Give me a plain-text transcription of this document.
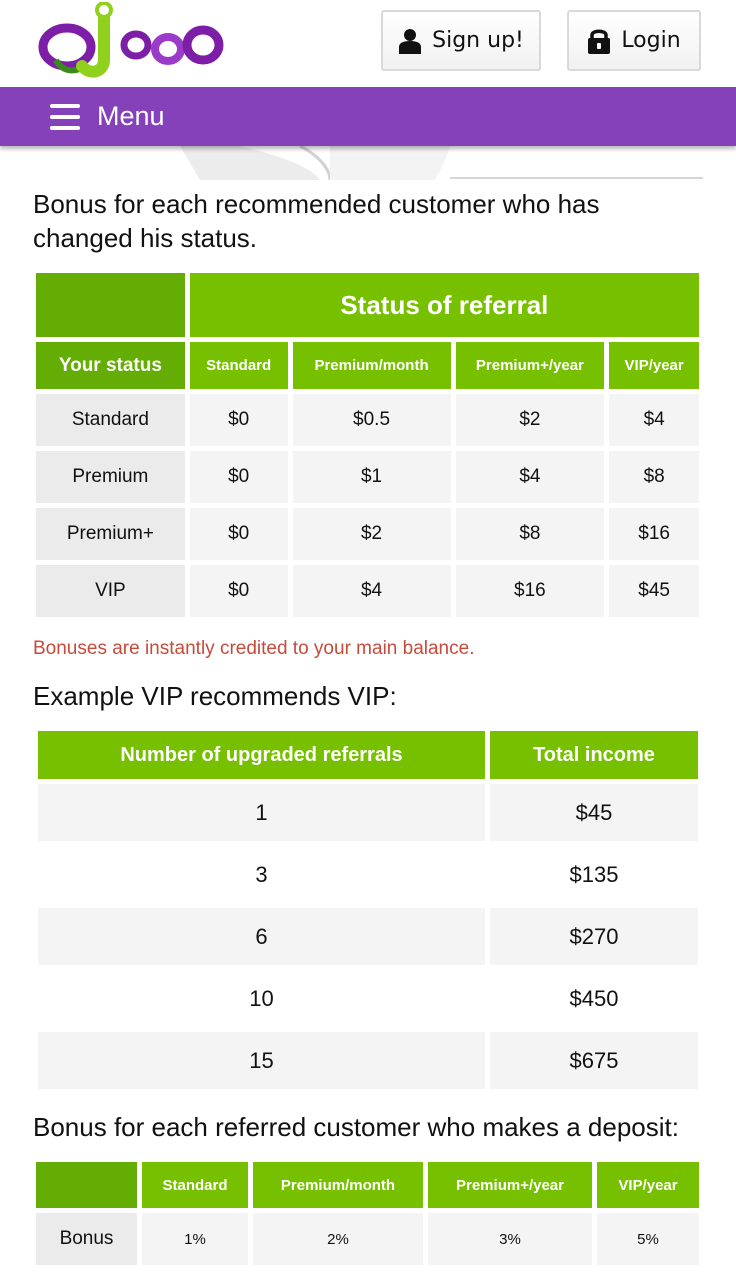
Sign up!	Login
Menu
Bonus for each recommended customer who has changed his status.
	Status of referral			
Your status	Standard	Premium/month	Premium+/year	VIP/year
Standard	$0	$0.5	$2	$4
Premium	$0	$1	$4	$8
Premium+	$0	$2	$8	$16
VIP	$0	$4	$16	$45

Bonuses are instantly credited to your main balance.

Example VIP recommends VIP:
Number of upgraded referrals	Total income
1	$45
3	$135
6	$270
10	$450
15	$675
Bonus for each referred customer who makes a deposit:
	Standard	Premium/month	Premium+/year	VIP/year
Bonus	1%	2%	3%	5%
